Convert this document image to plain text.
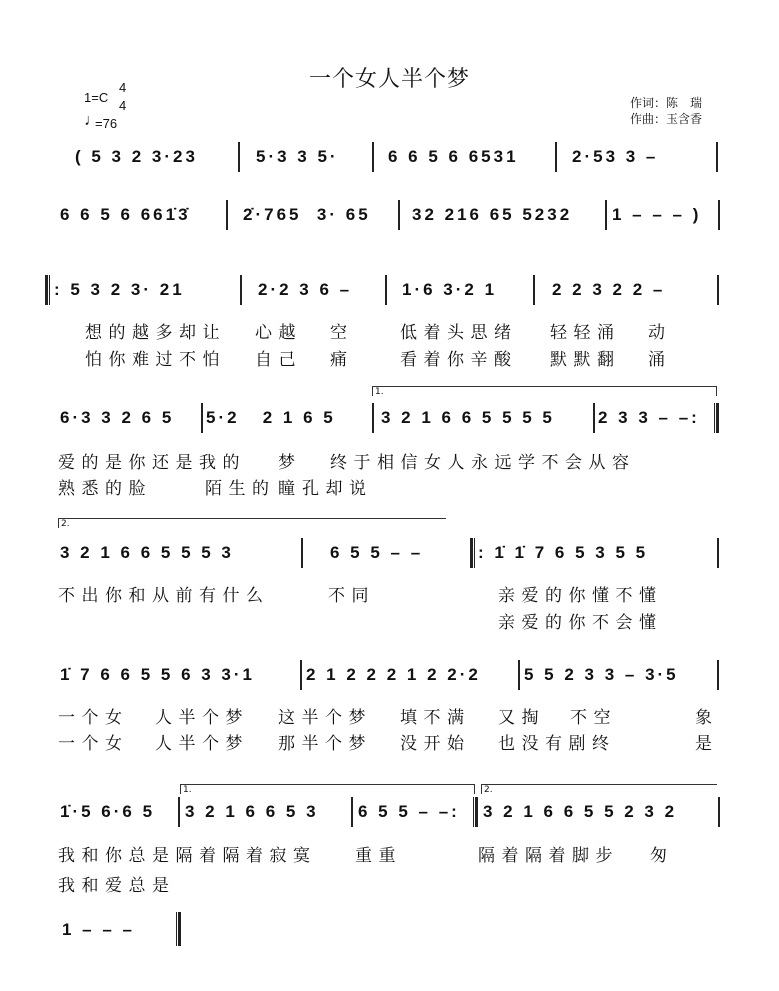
一个女人半个梦
1=C
4
4
♩
=76
作词：陈　瑞
作曲：玉含香
( 5 3 2 3·23	5·3 3 5·	6 6 5 6 6531	2·53 3 –
6 6 5 6 661̇3̇	2̇·765  3· 65 32 216 65 5232 1 – – – )
: 5 3 2 3· 21	2·2 3 6 –	1·6 3·2 1	2 2 3 2 2 –
想的越多却让 心越 空	低着头思绪 轻轻涌 动
怕你难过不怕 自己 痛	看着你辛酸 默默翻 涌
1.
6·3 3 2 6 5 5·2   2 1 6 5	3 2 1 6 6 5 5 5 5	2 3 3 – –:
爱的是你还是我的 梦 终于相信女人永远学不会从容
熟悉的脸	陌生的 瞳 孔却说
2.
3 2 1 6 6 5 5 5 3	6 5 5 – –	: 1̇ 1̇ 7 6 5 3 5 5
不出你和从前有什么	不同	亲爱的你懂不懂
亲爱的你不会懂
1̇ 7 6 6 5 5 6 3 3·1	2 1 2 2 2 1 2 2·2	5 5 2 3 3 – 3·5
一个女 人半个梦 这半个梦 填不满 又掏 不空	象
一个女 人半个梦 那半个梦 没开始 也没有剧终	是
1.	2.
1̇·5 6·6 5 3 2 1 6 6 5 3 6 5 5 – –: 3 2 1 6 6 5 5 2 3 2
我和你总是隔着隔着寂寞 重重	隔着隔着脚步 匆
我和爱总是
1 – – –
